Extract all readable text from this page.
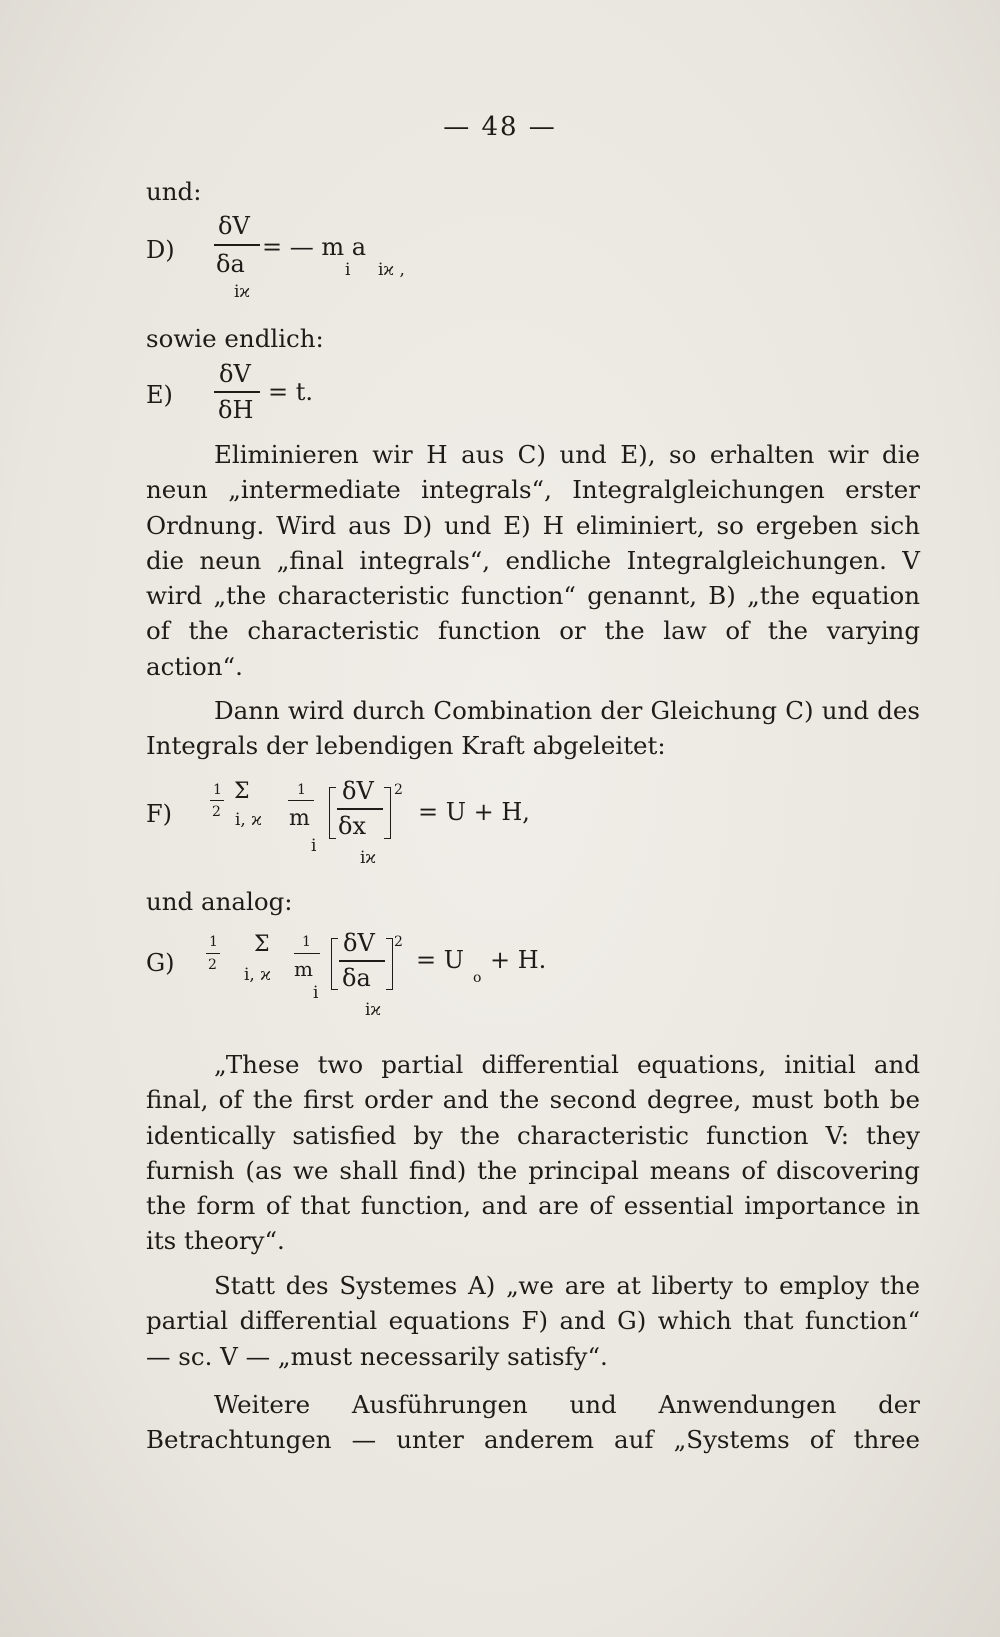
— 48 —
und:
D)
δV
δa
iϰ
= — m a
i iϰ ,
sowie endlich:
E)
δV
δH
= t.

Eliminieren wir H aus C) und E), so erhalten wir die neun „intermediate integrals“, Integralgleichungen erster Ordnung. Wird aus D) und E) H eliminiert, so ergeben sich die neun „final integrals“, endliche Integralgleichungen. V wird „the characteristic function“ genannt, B) „the equation of the characteristic function or the law of the varying action“.

Dann wird durch Combination der Gleichung C) und des Integrals der lebendigen Kraft abgeleitet:

F)
1
2
Σ
i, ϰ
1
m
i
δV
δx
2
iϰ
= U + H,
und analog:
G)
1
2
Σ
i, ϰ
1
m
i
δV
δa
2
iϰ
= U
o
+ H.

„These two partial differential equations, initial and final, of the first order and the second degree, must both be identically satisfied by the characteristic function V: they furnish (as we shall find) the principal means of discovering the form of that function, and are of essential importance in its theory“.

Statt des Systemes A) „we are at liberty to employ the partial differential equations F) and G) which that function“ — sc. V — „must necessarily satisfy“.

Weitere Ausführungen und Anwendungen der Betrachtungen — unter anderem auf „Systems of three
